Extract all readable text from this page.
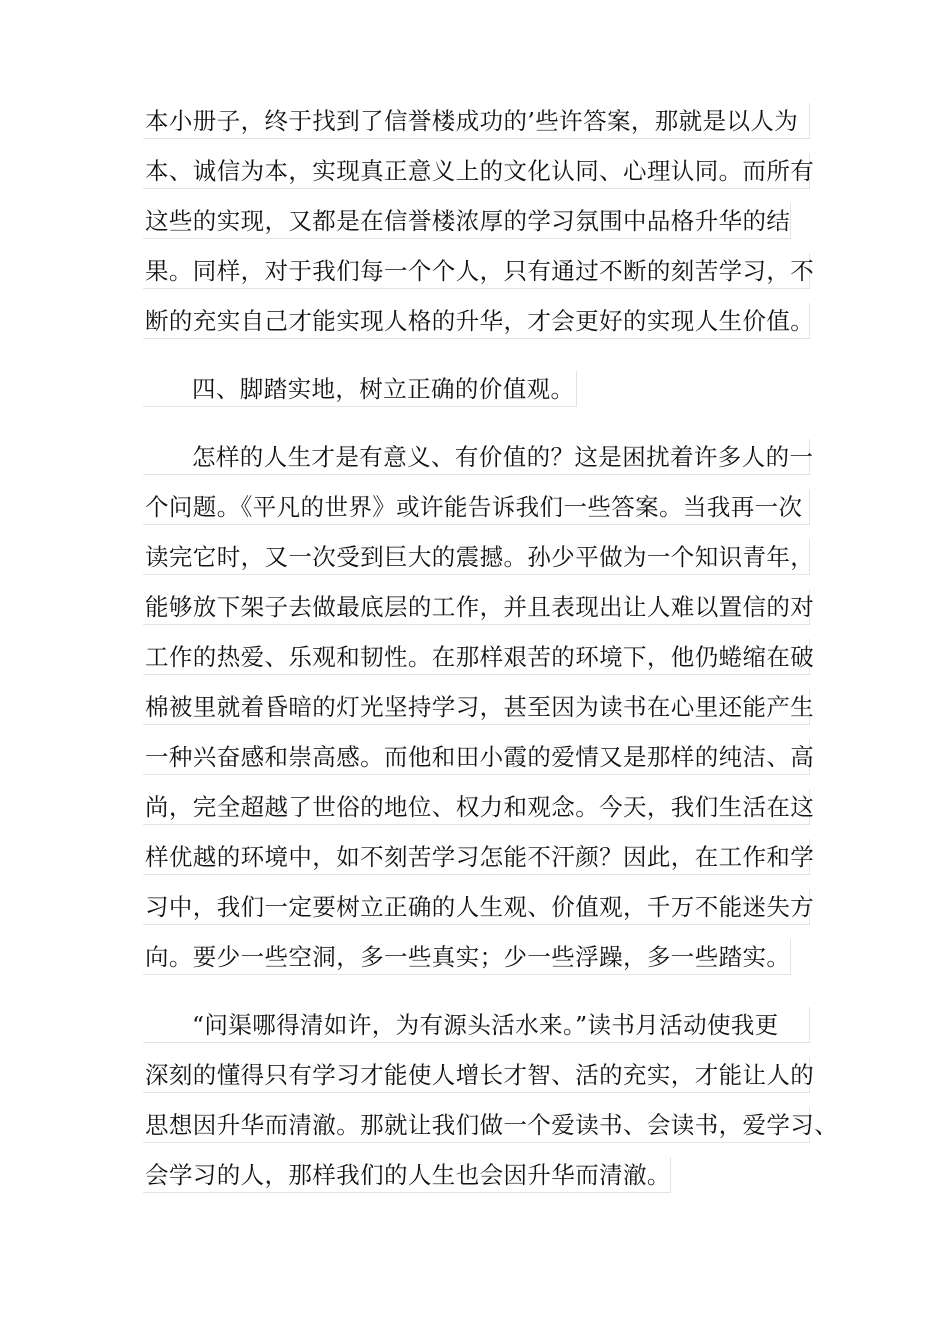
本小册子，终于找到了信誉楼成功的’些许答案，那就是以人为
本、诚信为本，实现真正意义上的文化认同、心理认同。而所有
这些的实现，又都是在信誉楼浓厚的学习氛围中品格升华的结
果。同样，对于我们每一个个人，只有通过不断的刻苦学习，不
断的充实自己才能实现人格的升华，才会更好的实现人生价值。
四、脚踏实地，树立正确的价值观。
怎样的人生才是有意义、有价值的？这是困扰着许多人的一
个问题。《平凡的世界》或许能告诉我们一些答案。当我再一次
读完它时，又一次受到巨大的震撼。孙少平做为一个知识青年，
能够放下架子去做最底层的工作，并且表现出让人难以置信的对
工作的热爱、乐观和韧性。在那样艰苦的环境下，他仍蜷缩在破
棉被里就着昏暗的灯光坚持学习，甚至因为读书在心里还能产生
一种兴奋感和崇高感。而他和田小霞的爱情又是那样的纯洁、高
尚，完全超越了世俗的地位、权力和观念。今天，我们生活在这
样优越的环境中，如不刻苦学习怎能不汗颜？因此，在工作和学
习中，我们一定要树立正确的人生观、价值观，千万不能迷失方
向。要少一些空洞，多一些真实；少一些浮躁，多一些踏实。
“问渠哪得清如许，为有源头活水来。”读书月活动使我更
深刻的懂得只有学习才能使人增长才智、活的充实，才能让人的
思想因升华而清澈。那就让我们做一个爱读书、会读书，爱学习、
会学习的人，那样我们的人生也会因升华而清澈。
